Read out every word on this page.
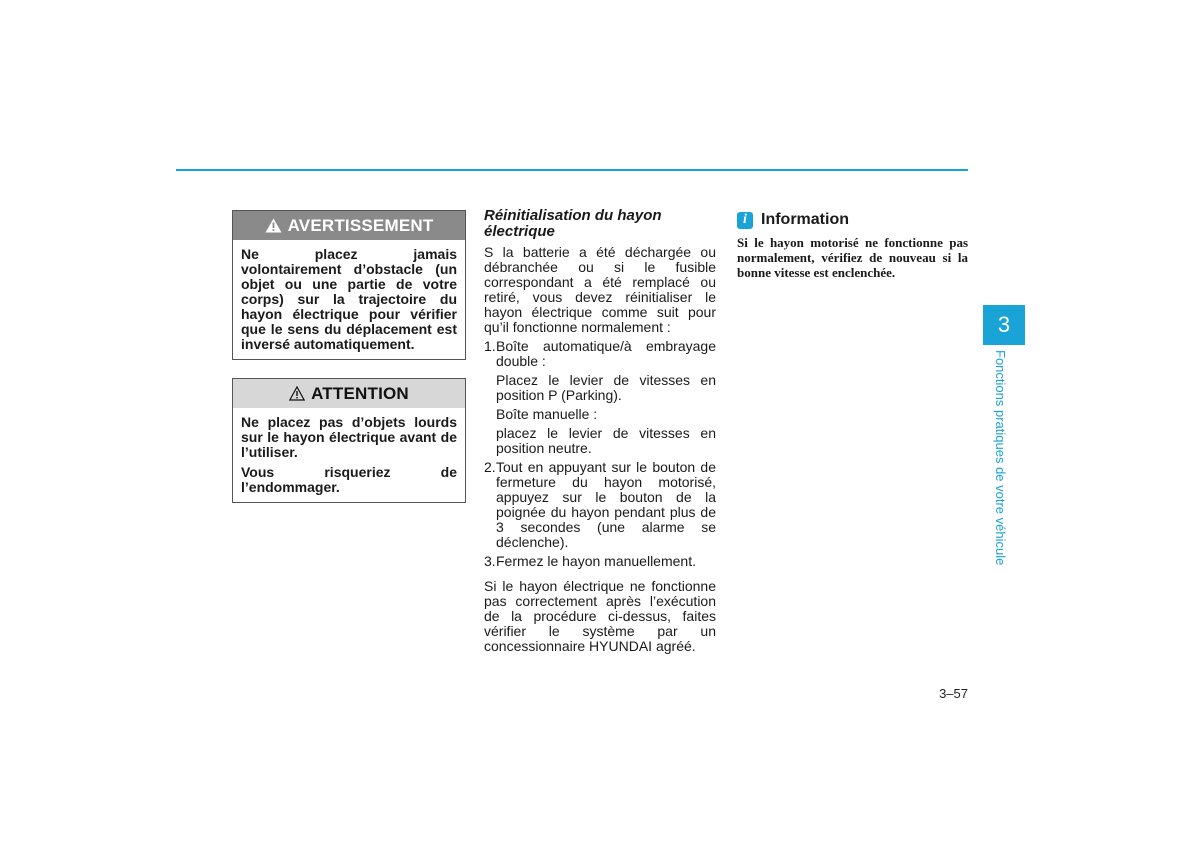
AVERTISSEMENT

Ne placez jamais volontairement d’obstacle (un objet ou une partie de votre corps) sur la trajectoire du hayon électrique pour vérifier que le sens du déplacement est inversé automatiquement.

ATTENTION

Ne placez pas d’objets lourds sur le hayon électrique avant de l’utiliser.

Vous risqueriez de l’endommager.

Réinitialisation du hayon électrique

S la batterie a été déchargée ou débranchée ou si le fusible correspondant a été remplacé ou retiré, vous devez réinitialiser le hayon électrique comme suit pour qu’il fonctionne normalement :

1. Boîte automatique/à embrayage double :
Placez le levier de vitesses en position P (Parking).
Boîte manuelle :
placez le levier de vitesses en position neutre.
2. Tout en appuyant sur le bouton de fermeture du hayon motorisé, appuyez sur le bouton de la poignée du hayon pendant plus de 3 secondes (une alarme se déclenche).
3. Fermez le hayon manuellement.

Si le hayon électrique ne fonctionne pas correctement après l’exécution de la procédure ci-dessus, faites vérifier le système par un concessionnaire HYUNDAI agréé.

i Information

Si le hayon motorisé ne fonctionne pas normalement, vérifiez de nouveau si la bonne vitesse est enclenchée.

3
Fonctions pratiques de votre véhicule
3–57
